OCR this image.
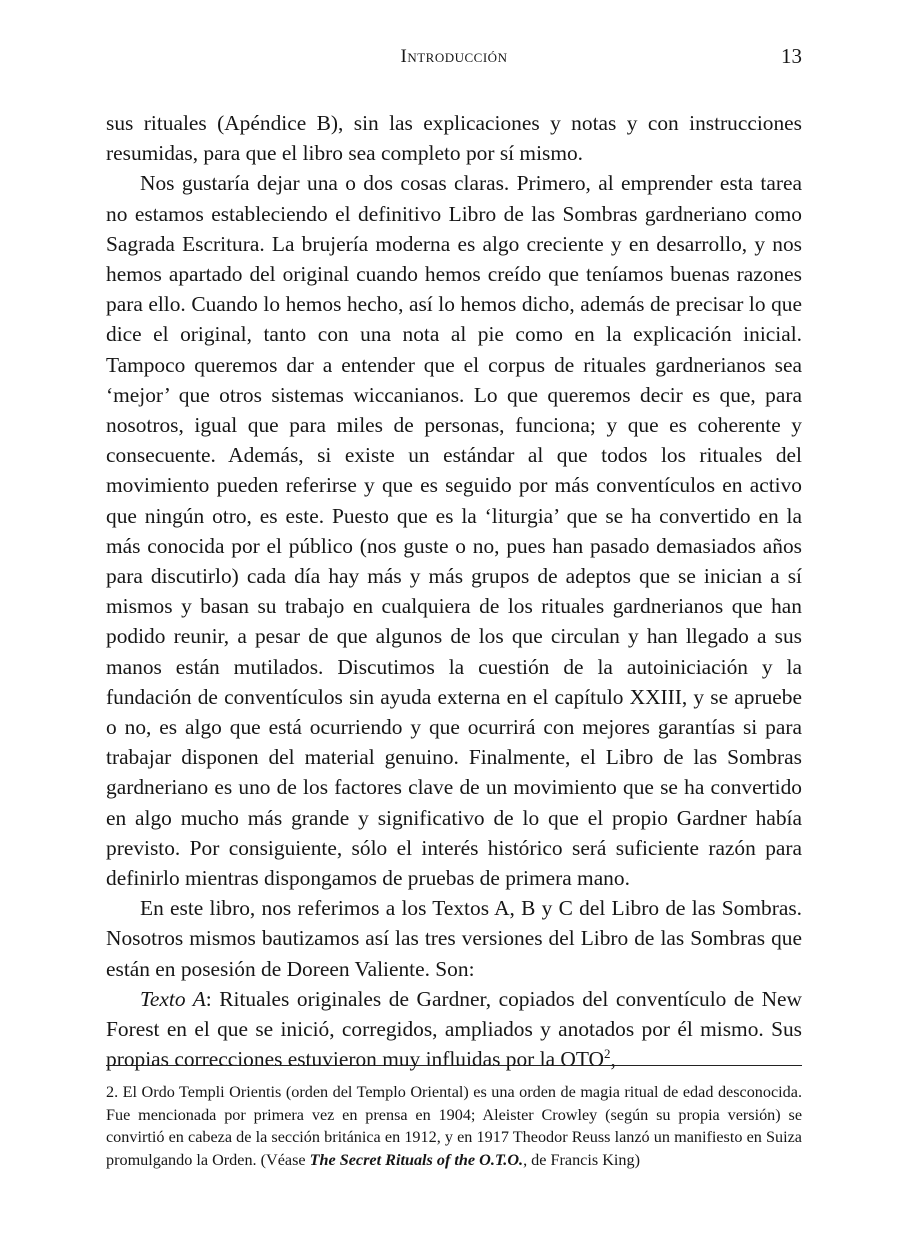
Introducción	13

sus rituales (Apéndice B), sin las explicaciones y notas y con instrucciones resumidas, para que el libro sea completo por sí mismo.

Nos gustaría dejar una o dos cosas claras. Primero, al emprender esta tarea no estamos estableciendo el definitivo Libro de las Sombras gardneriano como Sagrada Escritura. La brujería moderna es algo creciente y en desarrollo, y nos hemos apartado del original cuando hemos creído que teníamos buenas razones para ello. Cuando lo hemos hecho, así lo hemos dicho, además de precisar lo que dice el original, tanto con una nota al pie como en la explicación inicial. Tampoco queremos dar a entender que el corpus de rituales gardnerianos sea ‘mejor’ que otros sistemas wiccanianos. Lo que queremos decir es que, para nosotros, igual que para miles de personas, funciona; y que es coherente y consecuente. Además, si existe un estándar al que todos los rituales del movimiento pueden referirse y que es seguido por más conventículos en activo que ningún otro, es este. Puesto que es la ‘liturgia’ que se ha convertido en la más conocida por el público (nos guste o no, pues han pasado demasiados años para discutirlo) cada día hay más y más grupos de adeptos que se inician a sí mismos y basan su trabajo en cualquiera de los rituales gardnerianos que han podido reunir, a pesar de que algunos de los que circulan y han llegado a sus manos están mutilados. Discutimos la cuestión de la autoiniciación y la fundación de conventículos sin ayuda externa en el capítulo XXIII, y se apruebe o no, es algo que está ocurriendo y que ocurrirá con mejores garantías si para trabajar disponen del material genuino. Finalmente, el Libro de las Sombras gardneriano es uno de los factores clave de un movimiento que se ha convertido en algo mucho más grande y significativo de lo que el propio Gardner había previsto. Por consiguiente, sólo el interés histórico será suficiente razón para definirlo mientras dispongamos de pruebas de primera mano.

En este libro, nos referimos a los Textos A, B y C del Libro de las Sombras. Nosotros mismos bautizamos así las tres versiones del Libro de las Sombras que están en posesión de Doreen Valiente. Son:

Texto A: Rituales originales de Gardner, copiados del conventículo de New Forest en el que se inició, corregidos, ampliados y anotados por él mismo. Sus propias correcciones estuvieron muy influidas por la OTO$^2$,

2. El Ordo Templi Orientis (orden del Templo Oriental) es una orden de magia ritual de edad desconocida. Fue mencionada por primera vez en prensa en 1904; Aleister Crowley (según su propia versión) se convirtió en cabeza de la sección británica en 1912, y en 1917 Theodor Reuss lanzó un manifiesto en Suiza promulgando la Orden. (Véase The Secret Rituals of the O.T.O., de Francis King)
